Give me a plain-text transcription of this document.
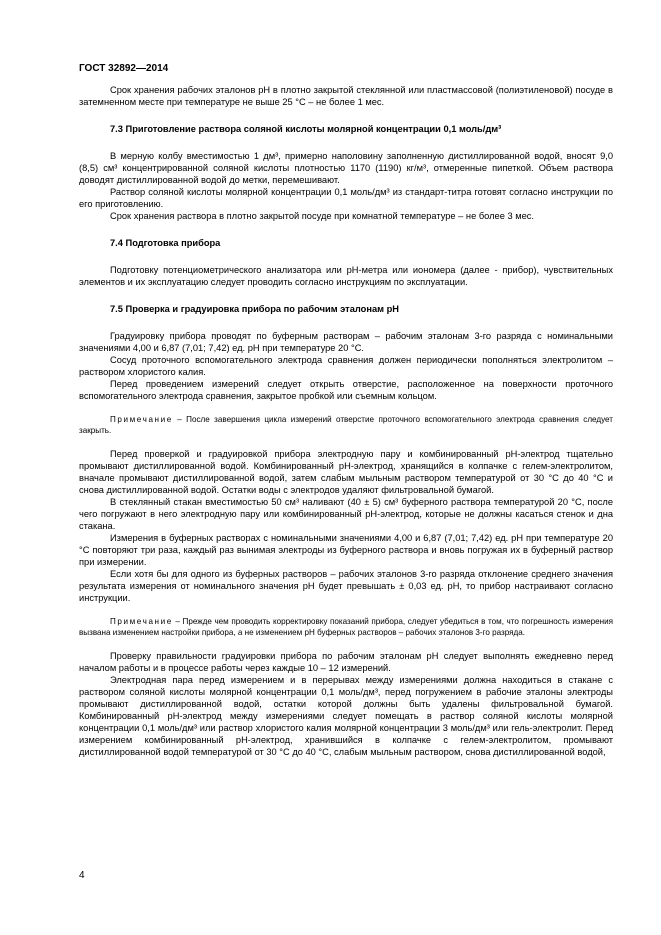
ГОСТ 32892—2014

Срок хранения рабочих эталонов рН в плотно закрытой стеклянной или пластмассовой (полиэтиленовой) посуде в затемненном месте при температуре не выше 25 °С – не более 1 мес.

7.3 Приготовление раствора соляной кислоты молярной концентрации 0,1 моль/дм³

В мерную колбу вместимостью 1 дм³, примерно наполовину заполненную дистиллированной водой, вносят 9,0 (8,5) см³ концентрированной соляной кислоты плотностью 1170 (1190) кг/м³, отмеренные пипеткой. Объем раствора доводят дистиллированной водой до метки, перемешивают.

Раствор соляной кислоты молярной концентрации 0,1 моль/дм³ из стандарт-титра готовят согласно инструкции по его приготовлению.

Срок хранения раствора в плотно закрытой посуде при комнатной температуре – не более 3 мес.

7.4 Подготовка прибора

Подготовку потенциометрического анализатора или рН-метра или иономера (далее - прибор), чувствительных элементов и их эксплуатацию следует проводить согласно инструкциям по эксплуатации.

7.5 Проверка и градуировка прибора по рабочим эталонам рН

Градуировку прибора проводят по буферным растворам – рабочим эталонам 3-го разряда с номинальными значениями 4,00 и 6,87 (7,01; 7,42) ед. рН при температуре 20 °С.

Сосуд проточного вспомогательного электрода сравнения должен периодически пополняться электролитом – раствором хлористого калия.

Перед проведением измерений следует открыть отверстие, расположенное на поверхности проточного вспомогательного электрода сравнения, закрытое пробкой или съемным кольцом.

Примечание – После завершения цикла измерений отверстие проточного вспомогательного электрода сравнения следует закрыть.

Перед проверкой и градуировкой прибора электродную пару и комбинированный рН-электрод тщательно промывают дистиллированной водой. Комбинированный рН-электрод, хранящийся в колпачке с гелем-электролитом, вначале промывают дистиллированной водой, затем слабым мыльным раствором температурой от 30 °С до 40 °С и снова дистиллированной водой. Остатки воды с электродов удаляют фильтровальной бумагой.

В стеклянный стакан вместимостью 50 см³ наливают (40 ± 5) см³ буферного раствора температурой 20 °С, после чего погружают в него электродную пару или комбинированный рН-электрод, которые не должны касаться стенок и дна стакана.

Измерения в буферных растворах с номинальными значениями 4,00 и 6,87 (7,01; 7,42) ед. рН при температуре 20 °С повторяют три раза, каждый раз вынимая электроды из буферного раствора и вновь погружая их в буферный раствор при измерении.

Если хотя бы для одного из буферных растворов – рабочих эталонов 3-го разряда отклонение среднего значения результата измерения от номинального значения рН будет превышать ± 0,03 ед. рН, то прибор настраивают согласно инструкции.

Примечание – Прежде чем проводить корректировку показаний прибора, следует убедиться в том, что погрешность измерения вызвана изменением настройки прибора, а не изменением рН буферных растворов – рабочих эталонов 3-го разряда.

Проверку правильности градуировки прибора по рабочим эталонам рН следует выполнять ежедневно перед началом работы и в процессе работы через каждые 10 – 12 измерений.

Электродная пара перед измерением и в перерывах между измерениями должна находиться в стакане с раствором соляной кислоты молярной концентрации 0,1 моль/дм³, перед погружением в рабочие эталоны электроды промывают дистиллированной водой, остатки которой должны быть удалены фильтровальной бумагой. Комбинированный рН-электрод между измерениями следует помещать в раствор соляной кислоты молярной концентрации 0,1 моль/дм³ или раствор хлористого калия молярной концентрации 3 моль/дм³ или гель-электролит. Перед измерением комбинированный рН-электрод, хранившийся в колпачке с гелем-электролитом, промывают дистиллированной водой температурой от 30 °С до 40 °С, слабым мыльным раствором, снова дистиллированной водой,

4
